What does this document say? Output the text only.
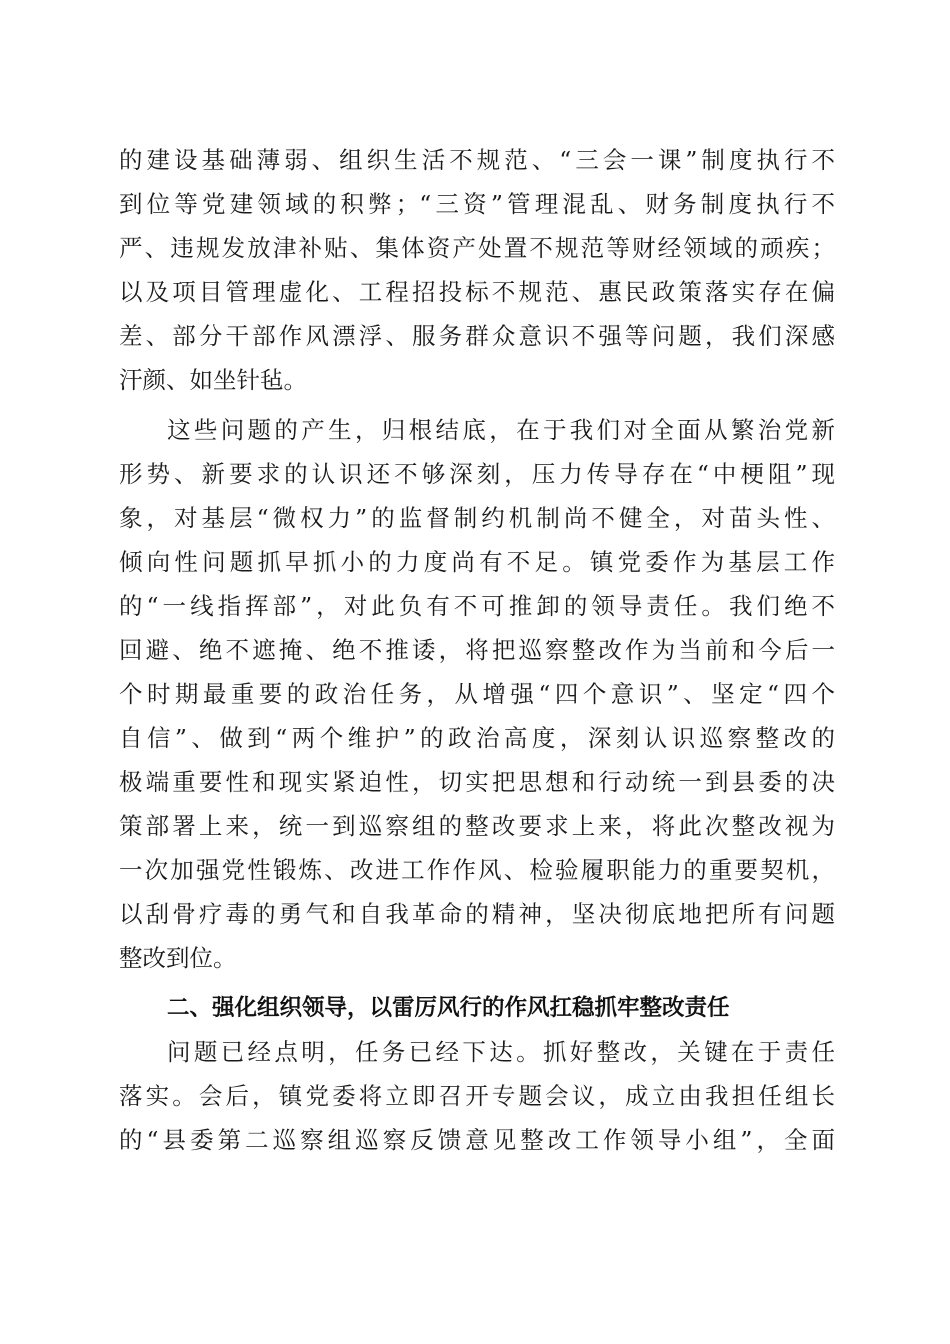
的建设基础薄弱、组织生活不规范、“三会一课”制度执行不
到位等党建领域的积弊；“三资”管理混乱、财务制度执行不
严、违规发放津补贴、集体资产处置不规范等财经领域的顽疾；
以及项目管理虚化、工程招投标不规范、惠民政策落实存在偏
差、部分干部作风漂浮、服务群众意识不强等问题，我们深感
汗颜、如坐针毡。
这些问题的产生，归根结底，在于我们对全面从繁治党新
形势、新要求的认识还不够深刻，压力传导存在“中梗阻”现
象，对基层“微权力”的监督制约机制尚不健全，对苗头性、
倾向性问题抓早抓小的力度尚有不足。镇党委作为基层工作
的“一线指挥部”，对此负有不可推卸的领导责任。我们绝不
回避、绝不遮掩、绝不推诿，将把巡察整改作为当前和今后一
个时期最重要的政治任务，从增强“四个意识”、坚定“四个
自信”、做到“两个维护”的政治高度，深刻认识巡察整改的
极端重要性和现实紧迫性，切实把思想和行动统一到县委的决
策部署上来，统一到巡察组的整改要求上来，将此次整改视为
一次加强党性锻炼、改进工作作风、检验履职能力的重要契机，
以刮骨疗毒的勇气和自我革命的精神，坚决彻底地把所有问题
整改到位。
二、强化组织领导，以雷厉风行的作风扛稳抓牢整改责任
问题已经点明，任务已经下达。抓好整改，关键在于责任
落实。会后，镇党委将立即召开专题会议，成立由我担任组长
的“县委第二巡察组巡察反馈意见整改工作领导小组”，全面
